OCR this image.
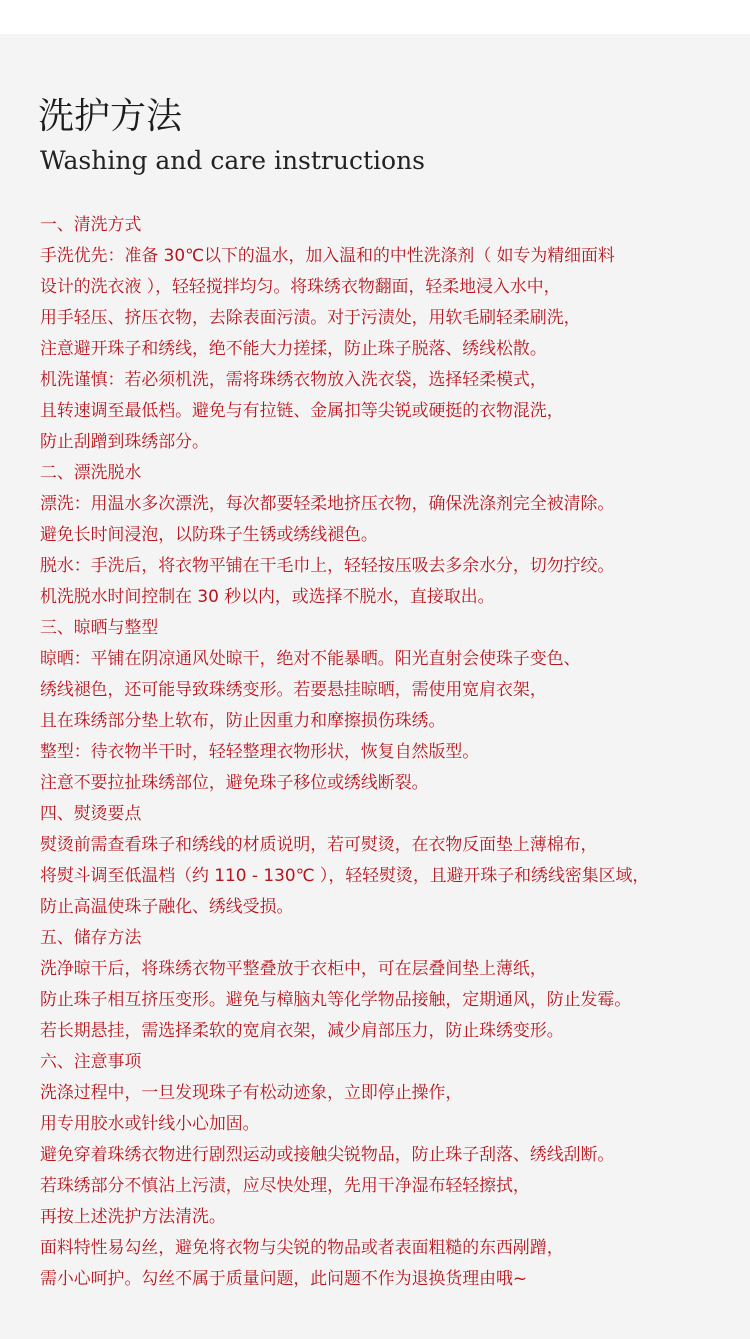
洗护方法
Washing and care instructions
一、清洗方式
手洗优先：准备 30℃以下的温水，加入温和的中性洗涤剂（ 如专为精细面料
设计的洗衣液 ），轻轻搅拌均匀。将珠绣衣物翻面，轻柔地浸入水中，
用手轻压、挤压衣物，去除表面污渍。对于污渍处，用软毛刷轻柔刷洗，
注意避开珠子和绣线，绝不能大力搓揉，防止珠子脱落、绣线松散。
机洗谨慎：若必须机洗，需将珠绣衣物放入洗衣袋，选择轻柔模式，
且转速调至最低档。避免与有拉链、金属扣等尖锐或硬挺的衣物混洗，
防止刮蹭到珠绣部分。
二、漂洗脱水
漂洗：用温水多次漂洗，每次都要轻柔地挤压衣物，确保洗涤剂完全被清除。
避免长时间浸泡，以防珠子生锈或绣线褪色。
脱水：手洗后，将衣物平铺在干毛巾上，轻轻按压吸去多余水分，切勿拧绞。
机洗脱水时间控制在 30 秒以内，或选择不脱水，直接取出。
三、晾晒与整型
晾晒：平铺在阴凉通风处晾干，绝对不能暴晒。阳光直射会使珠子变色、
绣线褪色，还可能导致珠绣变形。若要悬挂晾晒，需使用宽肩衣架，
且在珠绣部分垫上软布，防止因重力和摩擦损伤珠绣。
整型：待衣物半干时，轻轻整理衣物形状，恢复自然版型。
注意不要拉扯珠绣部位，避免珠子移位或绣线断裂。
四、熨烫要点
熨烫前需查看珠子和绣线的材质说明，若可熨烫，在衣物反面垫上薄棉布，
将熨斗调至低温档（约 110 - 130℃ ），轻轻熨烫，且避开珠子和绣线密集区域，
防止高温使珠子融化、绣线受损。
五、储存方法
洗净晾干后，将珠绣衣物平整叠放于衣柜中，可在层叠间垫上薄纸，
防止珠子相互挤压变形。避免与樟脑丸等化学物品接触，定期通风，防止发霉。
若长期悬挂，需选择柔软的宽肩衣架，减少肩部压力，防止珠绣变形。
六、注意事项
洗涤过程中，一旦发现珠子有松动迹象，立即停止操作，
用专用胶水或针线小心加固。
避免穿着珠绣衣物进行剧烈运动或接触尖锐物品，防止珠子刮落、绣线刮断。
若珠绣部分不慎沾上污渍，应尽快处理，先用干净湿布轻轻擦拭，
再按上述洗护方法清洗。
面料特性易勾丝，避免将衣物与尖锐的物品或者表面粗糙的东西剐蹭，
需小心呵护。勾丝不属于质量问题，此问题不作为退换货理由哦~
